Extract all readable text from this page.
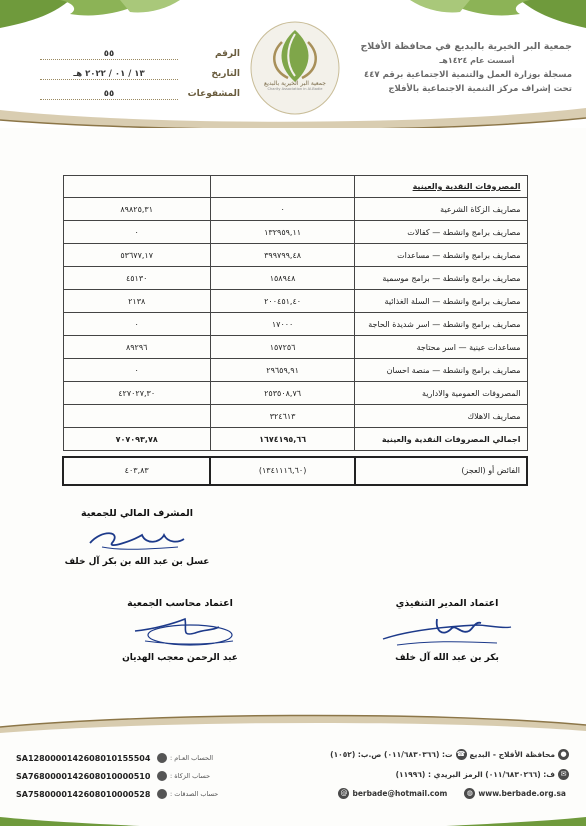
جمعية البر الخيرية بالبديع في محافظة الأفلاج
أسست عام ١٤٢٤هـ
مسجلة بوزارة العمل والتنمية الاجتماعية برقم ٤٤٧
تحت إشراف مركز التنمية الاجتماعية بالأفلاج
جمعية البر الخيرية بالبديع
Charity Association in Al-Badie
الرقم
٥٥
التاريخ
١٣ / ٠١ / ٢٠٢٢ هـ
المشفوعات
٥٥
المصروفات النقدية والعينية		
مصاريف الزكاة الشرعية	٠	٨٩٨٢٥,٣١
مصاريف برامج وانشطة — كفالات	١٣٢٩٥٩,١١	٠
مصاريف برامج وانشطة — مساعدات	٣٩٩٧٩٩,٤٨	٥٣٦٧٧,١٧
مصاريف برامج وانشطة — برامج موسمية	١٥٨٩٤٨	٤٥١٣٠
مصاريف برامج وانشطة — السلة الغذائية	٢٠٠٤٥١,٤٠	٢١٣٨
مصاريف برامج وانشطة — اسر شديدة الحاجة	١٧٠٠٠	٠
مساعدات عينية — اسر محتاجة	١٥٧٢٥٦	٨٩٢٩٦
مصاريف برامج وانشطة — منصة احسان	٢٩٦٥٩,٩١	٠
المصروفات العمومية والادارية	٢٥٣٥٠٨,٧٦	٤٢٧٠٢٧,٣٠
مصاريف الاهلاك	٣٢٤٦١٣	
اجمالي المصروفات النقدية والعينية	١٦٧٤١٩٥,٦٦	٧٠٧٠٩٣,٧٨

الفائض أو (العجز)	(١٣٤١١١٦,٦٠)	٤٠٣,٨٣
المشرف المالي للجمعية
عسل بن عبد الله بن بكر آل خلف
اعتماد محاسب الجمعية
عبد الرحمن معجب الهديان
اعتماد المدير التنفيذي
بكر بن عبد الله آل خلف
●
محافظة الأفلاج - البديع
☎
ت: (٠١١/٦٨٣٠٣٦٦) ص.ب: (١٠٥٢)
✉
ف: (٠١١/٦٨٣٠٢٦٦) الرمز البريدي : (١١٩٩٦)
@ berbade@hotmail.com	◍ www.berbade.org.sa
SA1280000142608010155504	الحساب العـام :
SA7680000142608010000510	حساب الزكاة :
SA7580000142608010000528	حساب الصدقات :
